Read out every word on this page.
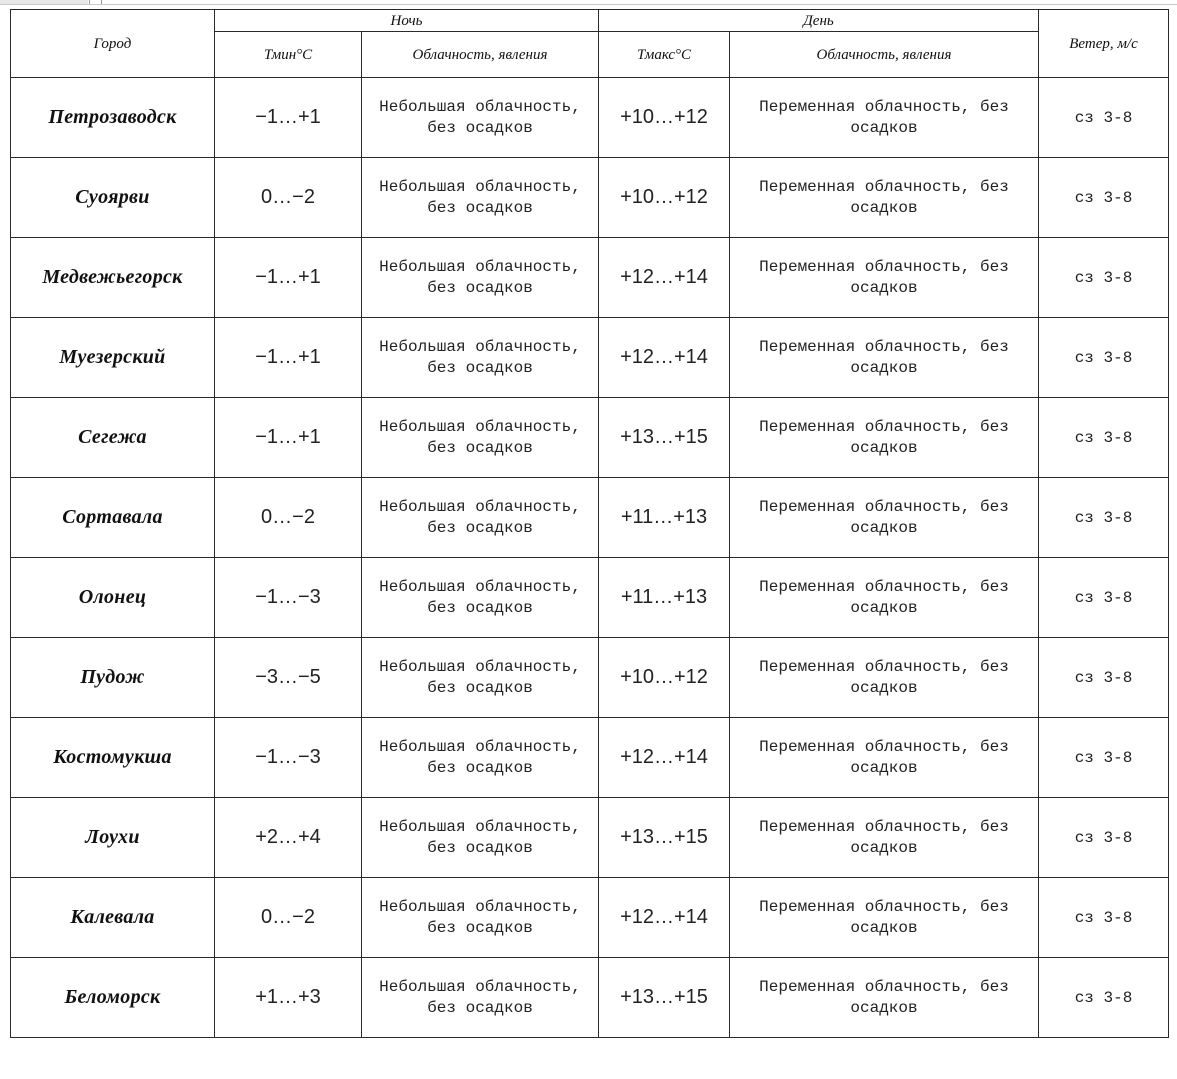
Город	Ночь		День		Ветер, м/с
	Тмин°С	Облачность, явления	Тмакс°С	Облачность, явления	
Петрозаводск	−1…+1	Небольшая облачность, без осадков	+10…+12	Переменная облачность, без осадков	сз 3-8
Суоярви	0…−2	Небольшая облачность, без осадков	+10…+12	Переменная облачность, без осадков	сз 3-8
Медвежьегорск	−1…+1	Небольшая облачность, без осадков	+12…+14	Переменная облачность, без осадков	сз 3-8
Муезерский	−1…+1	Небольшая облачность, без осадков	+12…+14	Переменная облачность, без осадков	сз 3-8
Сегежа	−1…+1	Небольшая облачность, без осадков	+13…+15	Переменная облачность, без осадков	сз 3-8
Сортавала	0…−2	Небольшая облачность, без осадков	+11…+13	Переменная облачность, без осадков	сз 3-8
Олонец	−1…−3	Небольшая облачность, без осадков	+11…+13	Переменная облачность, без осадков	сз 3-8
Пудож	−3…−5	Небольшая облачность, без осадков	+10…+12	Переменная облачность, без осадков	сз 3-8
Костомукша	−1…−3	Небольшая облачность, без осадков	+12…+14	Переменная облачность, без осадков	сз 3-8
Лоухи	+2…+4	Небольшая облачность, без осадков	+13…+15	Переменная облачность, без осадков	сз 3-8
Калевала	0…−2	Небольшая облачность, без осадков	+12…+14	Переменная облачность, без осадков	сз 3-8
Беломорск	+1…+3	Небольшая облачность, без осадков	+13…+15	Переменная облачность, без осадков	сз 3-8
